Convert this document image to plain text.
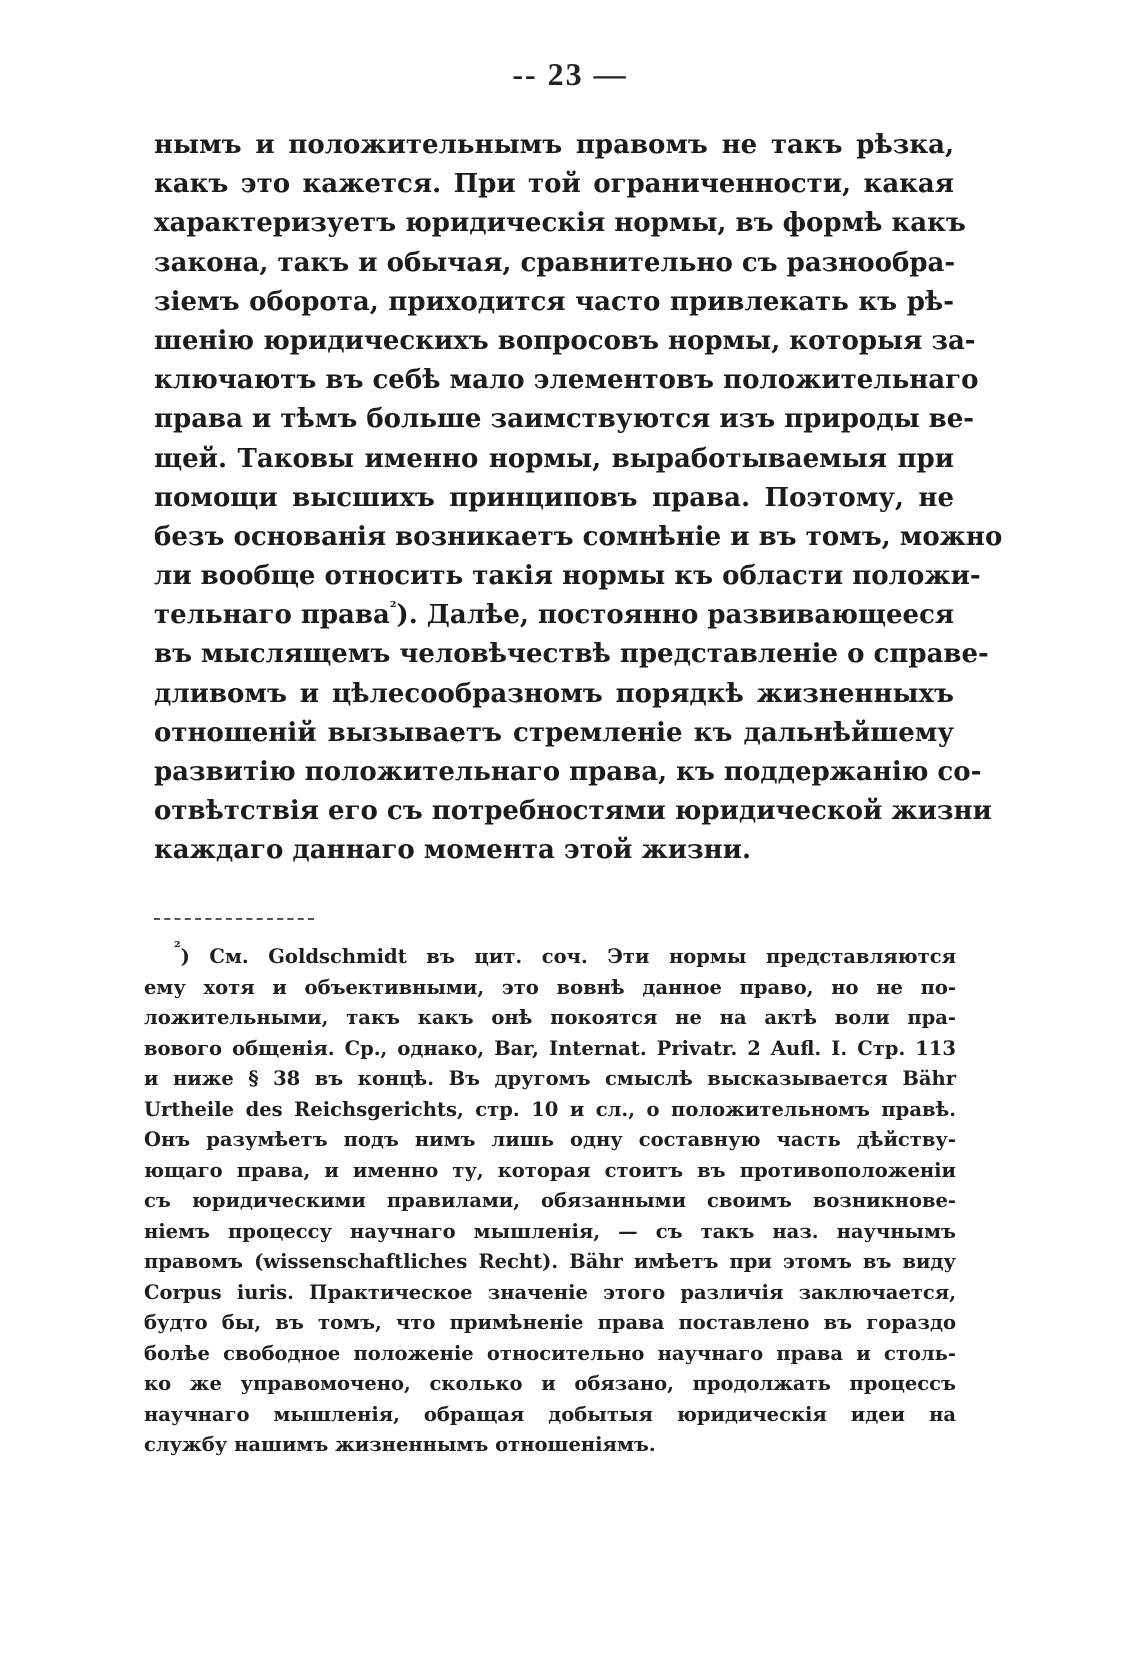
-- 23 —
нымъ и положительнымъ правомъ не такъ рѣзка,
какъ это кажется. При той ограниченности, какая
характеризуетъ юридическія нормы, въ формѣ какъ
закона, такъ и обычая, сравнительно съ разнообра-
зіемъ оборота, приходится часто привлекать къ рѣ-
шенію юридическихъ вопросовъ нормы, которыя за-
ключаютъ въ себѣ мало элементовъ положительнаго
права и тѣмъ больше заимствуются изъ природы ве-
щей. Таковы именно нормы, выработываемыя при
помощи высшихъ принциповъ права. Поэтому, не
безъ основанія возникаетъ сомнѣніе и въ томъ, можно
ли вообще относить такія нормы къ области положи-
тельнаго права$^{^2}$). Далѣе, постоянно развивающееся
въ мыслящемъ человѣчествѣ представленіе о справе-
дливомъ и цѣлесообразномъ порядкѣ жизненныхъ
отношеній вызываетъ стремленіе къ дальнѣйшему
развитію положительнаго права, къ поддержанію со-
отвѣтствія его съ потребностями юридической жизни
каждаго даннаго момента этой жизни.
$^{^2}$) См. Goldschmidt въ цит. соч. Эти нормы представляются
ему хотя и объективными, это вовнѣ данное право, но не по-
ложительными, такъ какъ онѣ покоятся не на актѣ воли пра-
вового общенія. Ср., однако, Bar, Internat. Privatr. 2 Aufl. I. Стр. 113
и ниже § 38 въ концѣ. Въ другомъ смыслѣ высказывается Bähr
Urtheile des Reichsgerichts, стр. 10 и сл., о положительномъ правѣ.
Онъ разумѣетъ подъ нимъ лишь одну составную часть дѣйству-
ющаго права, и именно ту, которая стоитъ въ противоположеніи
съ юридическими правилами, обязанными своимъ возникнове-
ніемъ процессу научнаго мышленія, — съ такъ наз. научнымъ
правомъ (wissenschaftliches Recht). Bähr имѣетъ при этомъ въ виду
Corpus iuris. Практическое значеніе этого различія заключается,
будто бы, въ томъ, что примѣненіе права поставлено въ гораздо
болѣе свободное положеніе относительно научнаго права и столь-
ко же управомочено, сколько и обязано, продолжать процессъ
научнаго мышленія, обращая добытыя юридическія идеи на
службу нашимъ жизненнымъ отношеніямъ.
